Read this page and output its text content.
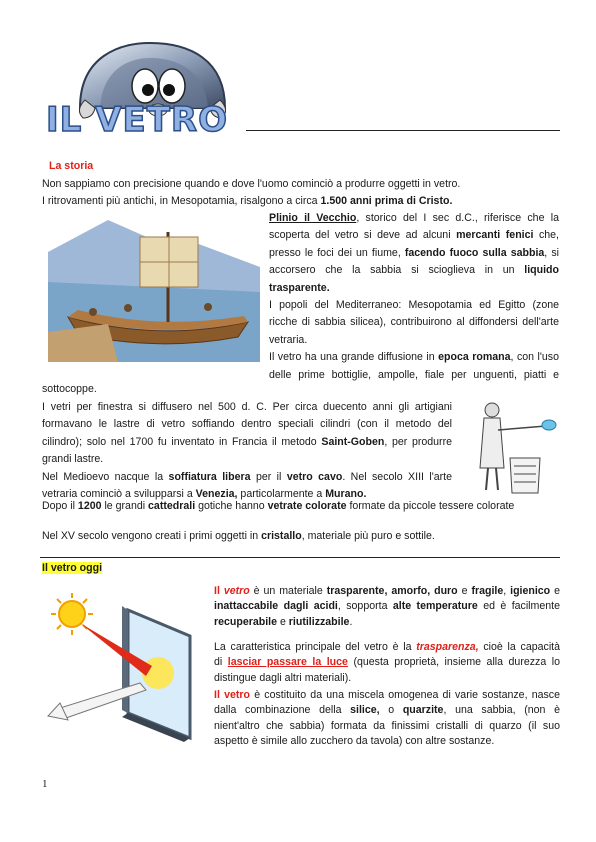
IL VETRO
La storia
Non sappiamo con precisione quando e dove l'uomo cominciò a produrre oggetti in vetro.
I ritrovamenti più antichi, in Mesopotamia, risalgono a circa 1.500 anni prima di Cristo.
Plinio il Vecchio, storico del I sec d.C., riferisce che la
scoperta del vetro si deve ad alcuni mercanti fenici che,
presso le foci dei un fiume, facendo fuoco sulla sabbia, si
accorsero che la sabbia si scioglieva in un liquido
trasparente.
I popoli del Mediterraneo: Mesopotamia ed Egitto (zone
ricche di sabbia silicea), contribuirono al diffondersi dell'arte
vetraria.
Il vetro ha una grande diffusione in epoca romana, con l'uso
delle prime bottiglie, ampolle, fiale per unguenti, piatti e
sottocoppe.
I vetri per finestra si diffusero nel 500 d. C. Per circa duecento anni gli artigiani
formavano le lastre di vetro soffiando dentro speciali cilindri (con il metodo del
cilindro); solo nel 1700 fu inventato in Francia il metodo Saint-Goben, per produrre
grandi lastre.
Nel Medioevo nacque la soffiatura libera per il vetro cavo. Nel secolo XIII l'arte
vetraria cominciò a svilupparsi a Venezia, particolarmente a Murano.
Dopo il 1200 le grandi cattedrali gotiche hanno vetrate colorate formate da piccole tessere colorate
Nel XV secolo vengono creati i primi oggetti in cristallo, materiale più puro e sottile.
Il vetro oggi
Il vetro è un materiale trasparente, amorfo, duro e fragile, igienico e
inattaccabile dagli acidi, sopporta alte temperature ed è facilmente
recuperabile e riutilizzabile.
La caratteristica principale del vetro è la trasparenza, cioè la capacità
di lasciar passare la luce (questa proprietà, insieme alla durezza lo
distingue dagli altri materiali).
Il vetro è costituito da una miscela omogenea di varie sostanze, nasce
dalla combinazione della silice, o quarzite, una sabbia, (non è
nient'altro che sabbia) formata da finissimi cristalli di quarzo (il suo
aspetto è simile allo zucchero da tavola) con altre sostanze.
1
